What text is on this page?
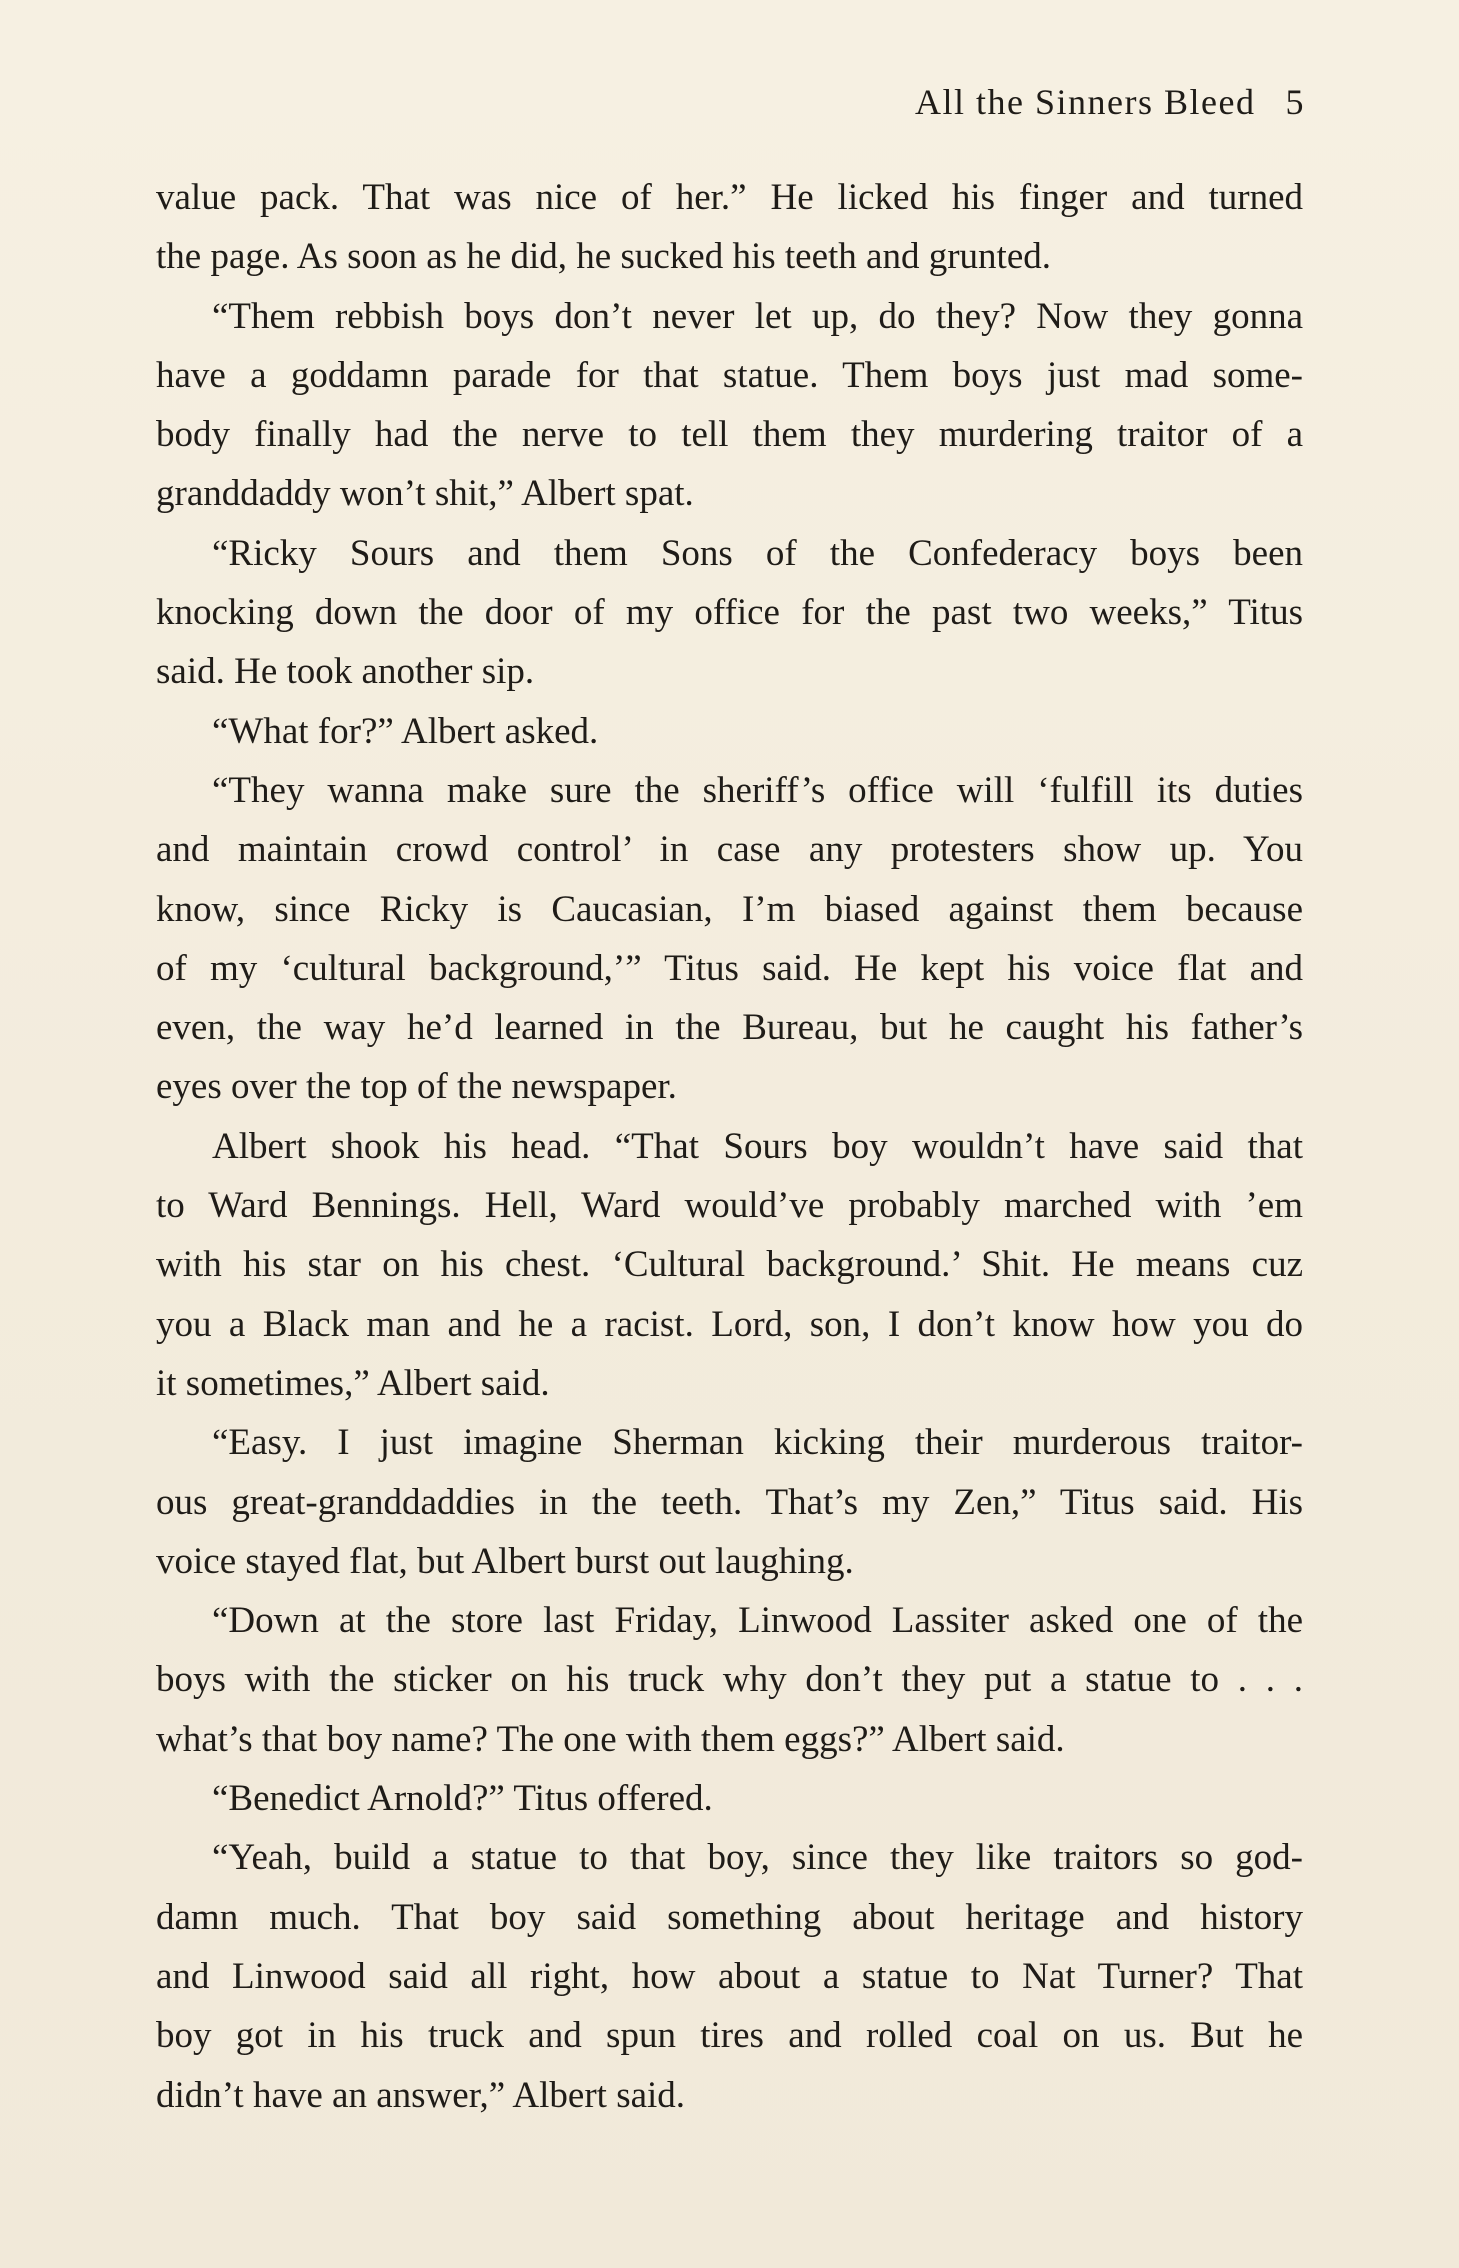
All the Sinners Bleed 5
value pack. That was nice of her.” He licked his finger and turned
the page. As soon as he did, he sucked his teeth and grunted.
“Them rebbish boys don’t never let up, do they? Now they gonna
have a goddamn parade for that statue. Them boys just mad some-
body finally had the nerve to tell them they murdering traitor of a
granddaddy won’t shit,” Albert spat.
“Ricky Sours and them Sons of the Confederacy boys been
knocking down the door of my office for the past two weeks,” Titus
said. He took another sip.
“What for?” Albert asked.
“They wanna make sure the sheriff’s office will ‘fulfill its duties
and maintain crowd control’ in case any protesters show up. You
know, since Ricky is Caucasian, I’m biased against them because
of my ‘cultural background,’” Titus said. He kept his voice flat and
even, the way he’d learned in the Bureau, but he caught his father’s
eyes over the top of the newspaper.
Albert shook his head. “That Sours boy wouldn’t have said that
to Ward Bennings. Hell, Ward would’ve probably marched with ’em
with his star on his chest. ‘Cultural background.’ Shit. He means cuz
you a Black man and he a racist. Lord, son, I don’t know how you do
it sometimes,” Albert said.
“Easy. I just imagine Sherman kicking their murderous traitor-
ous great-granddaddies in the teeth. That’s my Zen,” Titus said. His
voice stayed flat, but Albert burst out laughing.
“Down at the store last Friday, Linwood Lassiter asked one of the
boys with the sticker on his truck why don’t they put a statue to . . .
what’s that boy name? The one with them eggs?” Albert said.
“Benedict Arnold?” Titus offered.
“Yeah, build a statue to that boy, since they like traitors so god-
damn much. That boy said something about heritage and history
and Linwood said all right, how about a statue to Nat Turner? That
boy got in his truck and spun tires and rolled coal on us. But he
didn’t have an answer,” Albert said.
